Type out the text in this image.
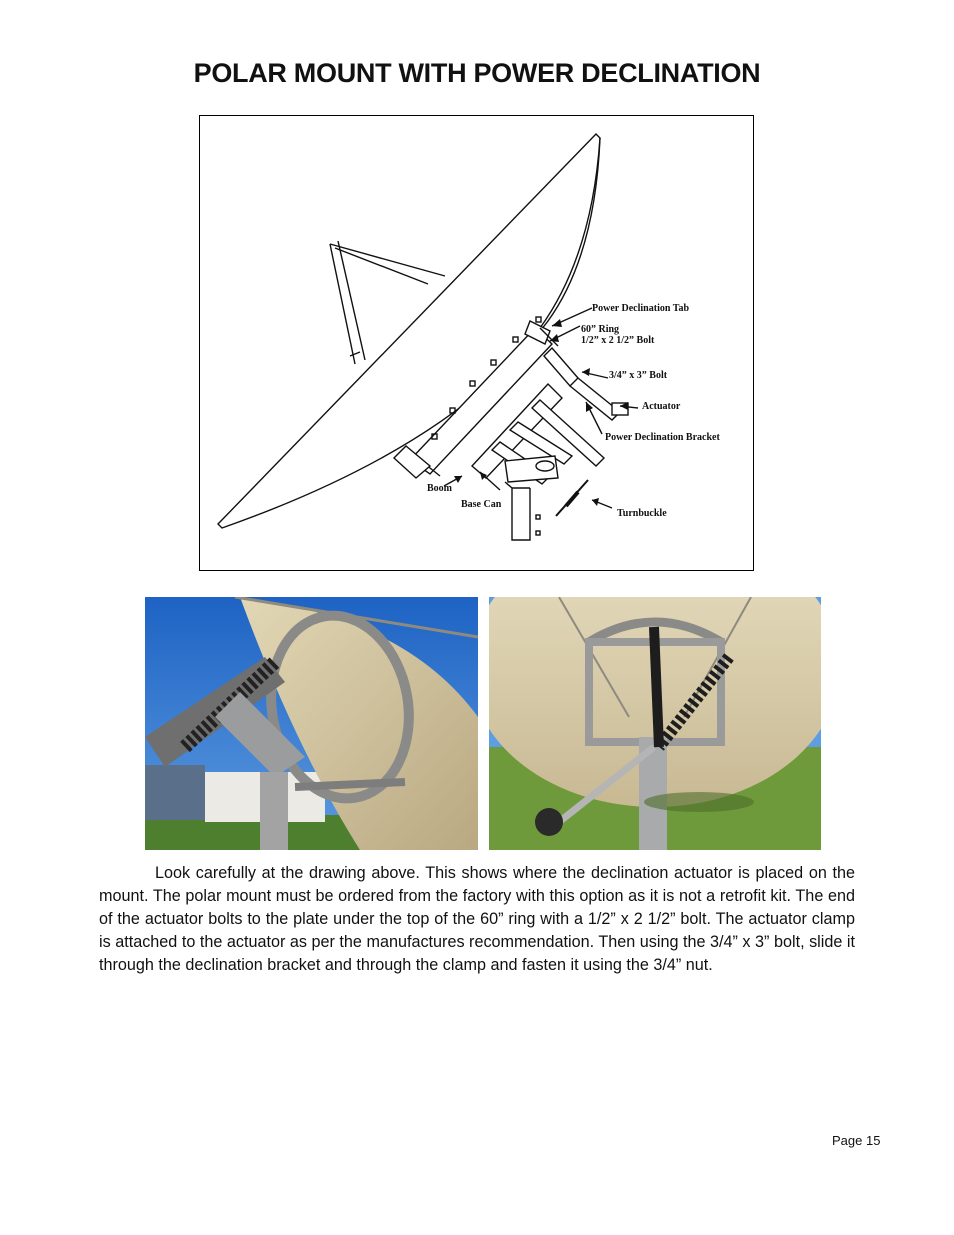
POLAR MOUNT WITH POWER DECLINATION
Power Declination Tab
60” Ring
1/2” x 2 1/2” Bolt
3/4” x 3” Bolt
Actuator
Power Declination Bracket
Boom
Base Can
Turnbuckle
Look carefully at the drawing above. This shows where the declination actuator is placed on the mount. The polar mount must be ordered from the factory with this option as it is not a retrofit kit. The end of the actuator bolts to the plate under the top of the 60” ring with a 1/2” x 2 1/2” bolt. The actuator clamp is attached to the actuator as per the manufactures recommendation. Then using the 3/4” x 3” bolt, slide it through the declination bracket and through the clamp and fasten it using the 3/4” nut.
Page 15
